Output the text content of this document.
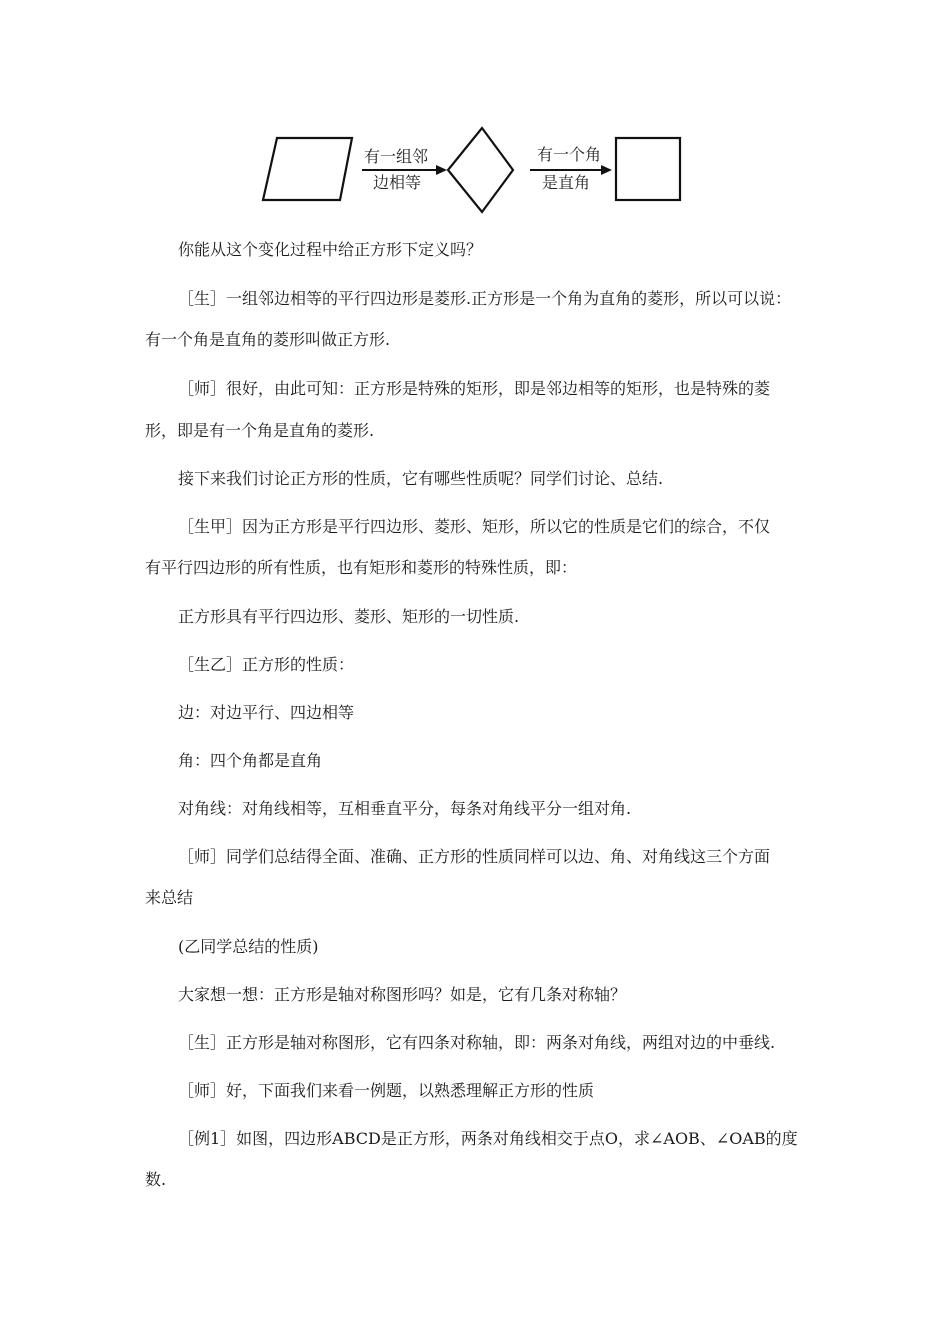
有一组邻
边相等
有一个角
是直角
你能从这个变化过程中给正方形下定义吗？
［生］一组邻边相等的平行四边形是菱形.正方形是一个角为直角的菱形，所以可以说：
有一个角是直角的菱形叫做正方形.
［师］很好，由此可知：正方形是特殊的矩形，即是邻边相等的矩形，也是特殊的菱
形，即是有一个角是直角的菱形.
接下来我们讨论正方形的性质，它有哪些性质呢？同学们讨论、总结.
［生甲］因为正方形是平行四边形、菱形、矩形，所以它的性质是它们的综合，不仅
有平行四边形的所有性质，也有矩形和菱形的特殊性质，即：
正方形具有平行四边形、菱形、矩形的一切性质.
［生乙］正方形的性质：
边：对边平行、四边相等
角：四个角都是直角
对角线：对角线相等，互相垂直平分，每条对角线平分一组对角.
［师］同学们总结得全面、准确、正方形的性质同样可以边、角、对角线这三个方面
来总结
(乙同学总结的性质)
大家想一想：正方形是轴对称图形吗？如是，它有几条对称轴？
［生］正方形是轴对称图形，它有四条对称轴，即：两条对角线，两组对边的中垂线.
［师］好，下面我们来看一例题，以熟悉理解正方形的性质
［例1］如图，四边形ABCD是正方形，两条对角线相交于点O，求∠AOB、∠OAB的度
数.
